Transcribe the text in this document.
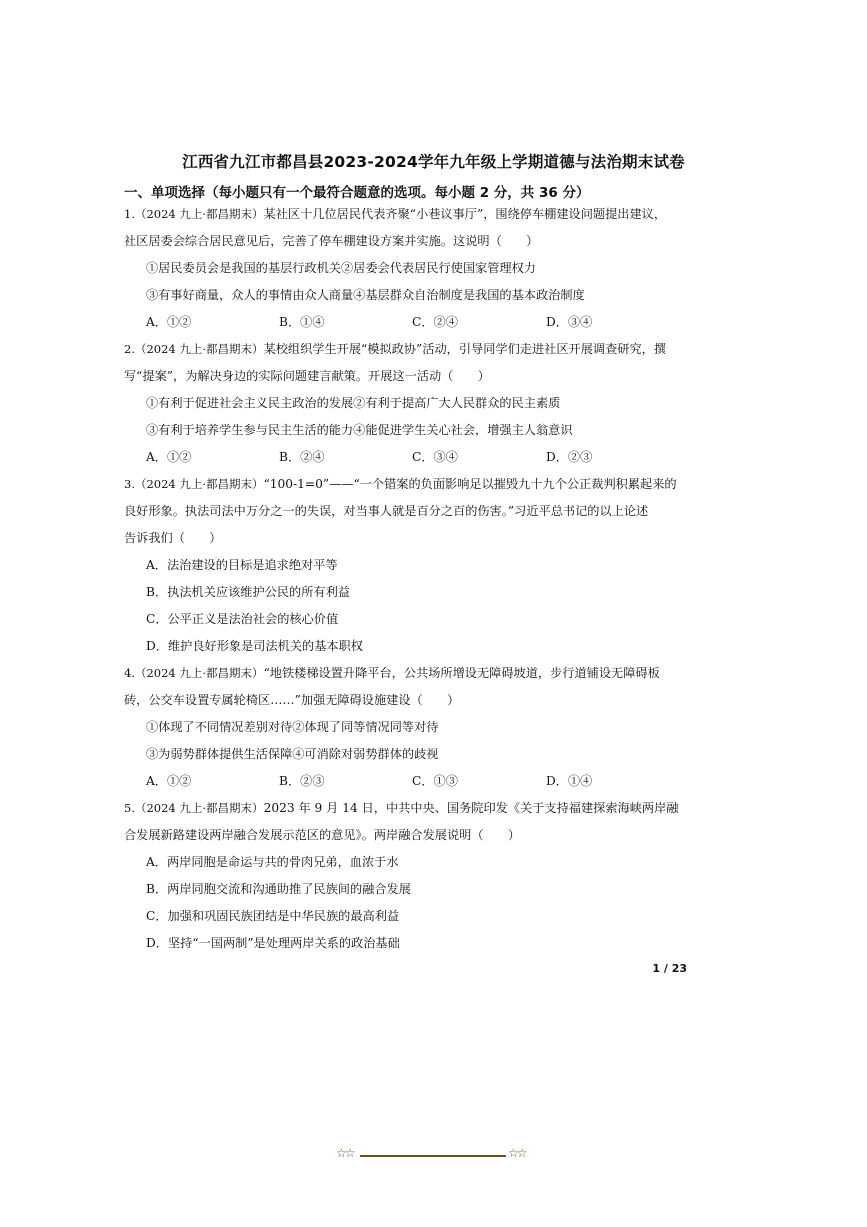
江西省九江市都昌县2023-2024学年九年级上学期道德与法治期末试卷
一、单项选择（每小题只有一个最符合题意的选项。每小题 2 分，共 36 分）
1.（2024 九上·都昌期末）某社区十几位居民代表齐聚“小巷议事厅”，围绕停车棚建设问题提出建议，
社区居委会综合居民意见后，完善了停车棚建设方案并实施。这说明（　　）
①居民委员会是我国的基层行政机关②居委会代表居民行使国家管理权力
③有事好商量，众人的事情由众人商量④基层群众自治制度是我国的基本政治制度
A．①②	B．①④	C．②④	D．③④
2.（2024 九上·都昌期末）某校组织学生开展“模拟政协”活动，引导同学们走进社区开展调查研究，撰
写“提案”，为解决身边的实际问题建言献策。开展这一活动（　　）
①有利于促进社会主义民主政治的发展②有利于提高广大人民群众的民主素质
③有利于培养学生参与民主生活的能力④能促进学生关心社会，增强主人翁意识
A．①②	B．②④	C．③④	D．②③
3.（2024 九上·都昌期末）“100-1=0”——“一个错案的负面影响足以摧毁九十九个公正裁判积累起来的
良好形象。执法司法中万分之一的失误，对当事人就是百分之百的伤害。”习近平总书记的以上论述
告诉我们（　　）
A．法治建设的目标是追求绝对平等
B．执法机关应该维护公民的所有利益
C．公平正义是法治社会的核心价值
D．维护良好形象是司法机关的基本职权
4.（2024 九上·都昌期末）“地铁楼梯设置升降平台，公共场所增设无障碍坡道，步行道铺设无障碍板
砖，公交车设置专属轮椅区……”加强无障碍设施建设（　　）
①体现了不同情况差别对待②体现了同等情况同等对待
③为弱势群体提供生活保障④可消除对弱势群体的歧视
A．①②	B．②③	C．①③	D．①④
5.（2024 九上·都昌期末）2023 年 9 月 14 日，中共中央、国务院印发《关于支持福建探索海峡两岸融
合发展新路建设两岸融合发展示范区的意见》。两岸融合发展说明（　　）
A．两岸同胞是命运与共的骨肉兄弟，血浓于水
B．两岸同胞交流和沟通助推了民族间的融合发展
C．加强和巩固民族团结是中华民族的最高利益
D．坚持“一国两制”是处理两岸关系的政治基础
1 / 23
☆☆	☆☆
